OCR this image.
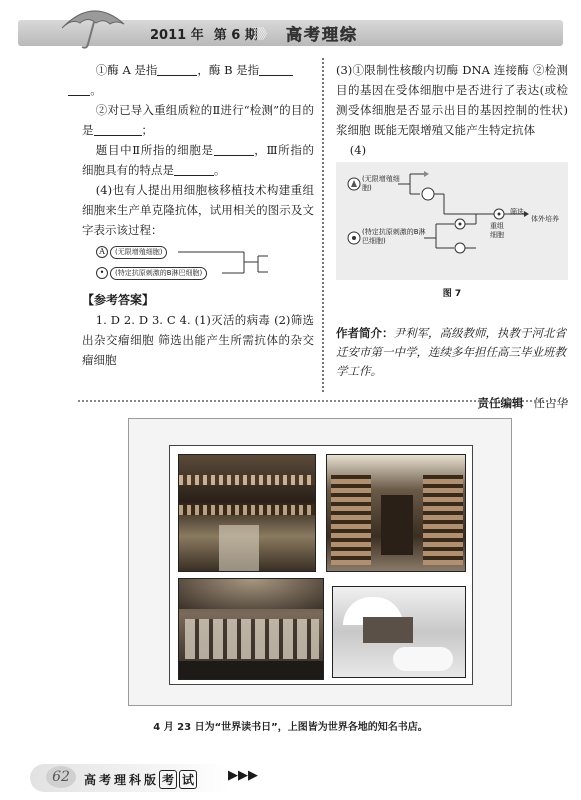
2011 年 第 6 期
》》》 高考理综

①酶 A 是指	，酶 B 是指
。

②对已导入重组质粒的Ⅱ进行“检测”的目的是	；

题目中Ⅱ所指的细胞是	，Ⅲ所指的细胞具有的特点是	。

(4)也有人提出用细胞核移植技术构建重组细胞来生产单克隆抗体，试用相关的图示及文字表示该过程：

A	(无限增殖细胞)
•	(特定抗原刺激的B淋巴细胞)
【参考答案】

1. D 2. D 3. C 4. (1)灭活的病毒 (2)筛选出杂交瘤细胞 筛选出能产生所需抗体的杂交瘤细胞

(3)①限制性核酸内切酶 DNA 连接酶 ②检测目的基因在受体细胞中是否进行了表达(或检测受体细胞是否显示出目的基因控制的性状) 浆细胞 既能无限增殖又能产生特定抗体

(4)

(无限增殖细胞)
(特定抗原刺激的B淋巴细胞)
筛选
体外培养
重组细胞
图 7
作者简介：尹利军，高级教师，执教于河北省迁安市第一中学，连续多年担任高三毕业班教学工作。
责任编辑 任占华
4 月 23 日为“世界读书日”，上图皆为世界各地的知名书店。
62	高考理科版 考 试	▶▶▶
